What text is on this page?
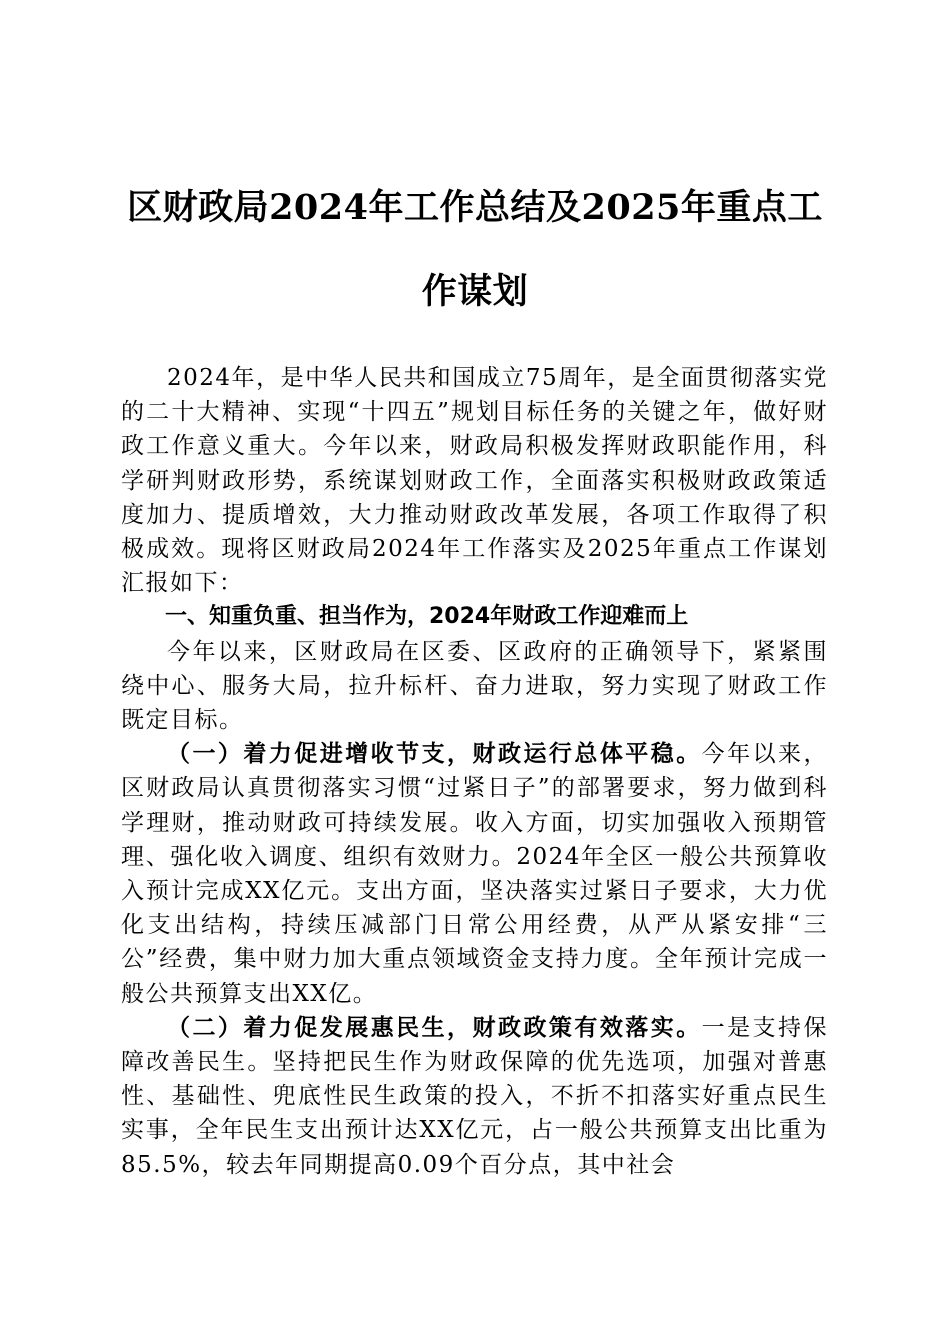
区财政局2024年工作总结及2025年重点工作谋划

2024年，是中华人民共和国成立75周年，是全面贯彻落实党的二十大精神、实现“十四五”规划目标任务的关键之年，做好财政工作意义重大。今年以来，财政局积极发挥财政职能作用，科学研判财政形势，系统谋划财政工作，全面落实积极财政政策适度加力、提质增效，大力推动财政改革发展，各项工作取得了积极成效。现将区财政局2024年工作落实及2025年重点工作谋划汇报如下：

一、知重负重、担当作为，2024年财政工作迎难而上

今年以来，区财政局在区委、区政府的正确领导下，紧紧围绕中心、服务大局，拉升标杆、奋力进取，努力实现了财政工作既定目标。

（一）着力促进增收节支，财政运行总体平稳。今年以来，区财政局认真贯彻落实习惯“过紧日子”的部署要求，努力做到科学理财，推动财政可持续发展。收入方面，切实加强收入预期管理、强化收入调度、组织有效财力。2024年全区一般公共预算收入预计完成XX亿元。支出方面，坚决落实过紧日子要求，大力优化支出结构，持续压减部门日常公用经费，从严从紧安排“三公”经费，集中财力加大重点领域资金支持力度。全年预计完成一般公共预算支出XX亿。

（二）着力促发展惠民生，财政政策有效落实。一是支持保障改善民生。坚持把民生作为财政保障的优先选项，加强对普惠性、基础性、兜底性民生政策的投入，不折不扣落实好重点民生实事，全年民生支出预计达XX亿元，占一般公共预算支出比重为85.5%，较去年同期提高0.09个百分点，其中社会
